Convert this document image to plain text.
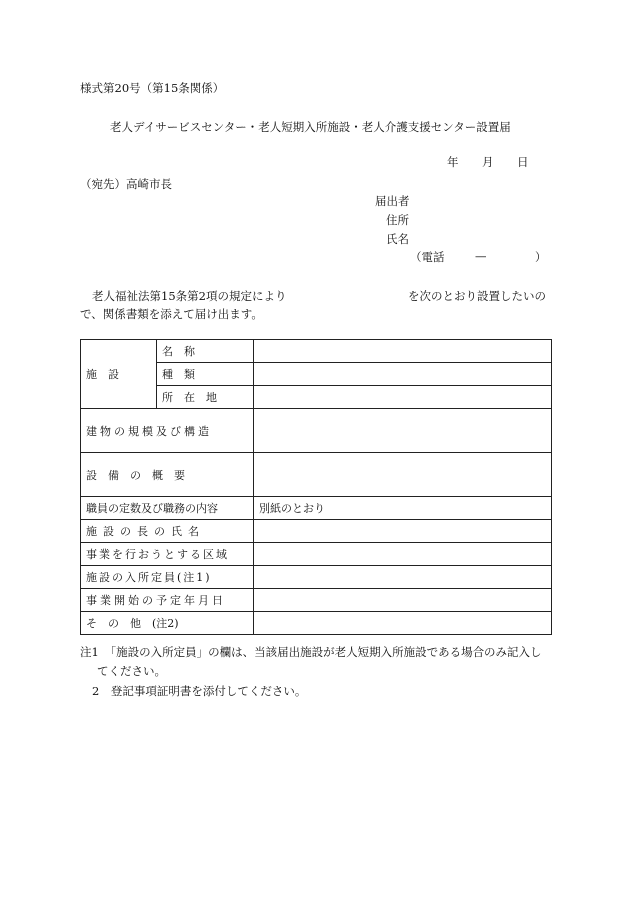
様式第20号（第15条関係）
老人デイサービスセンター・老人短期入所施設・老人介護支援センター設置届
年 月 日
（宛先）高崎市長
届出者
住所
氏名
（電話	—	）
老人福祉法第15条第2項の規定により	を次のとおり設置したいの
で、関係書類を添えて届け出ます。
施　設	名　称	
	種　類	
	所　在　地	
建物の規模及び構造		
設　備　の　概　要		
職員の定数及び職務の内容		別紙のとおり
施設の長の氏名		
事業を行おうとする区域		
施設の入所定員(注1)		
事業開始の予定年月日		
そ　の　他　(注2)		
注1　「施設の入所定員」の欄は、当該届出施設が老人短期入所施設である場合のみ記入し
てください。
2　登記事項証明書を添付してください。
